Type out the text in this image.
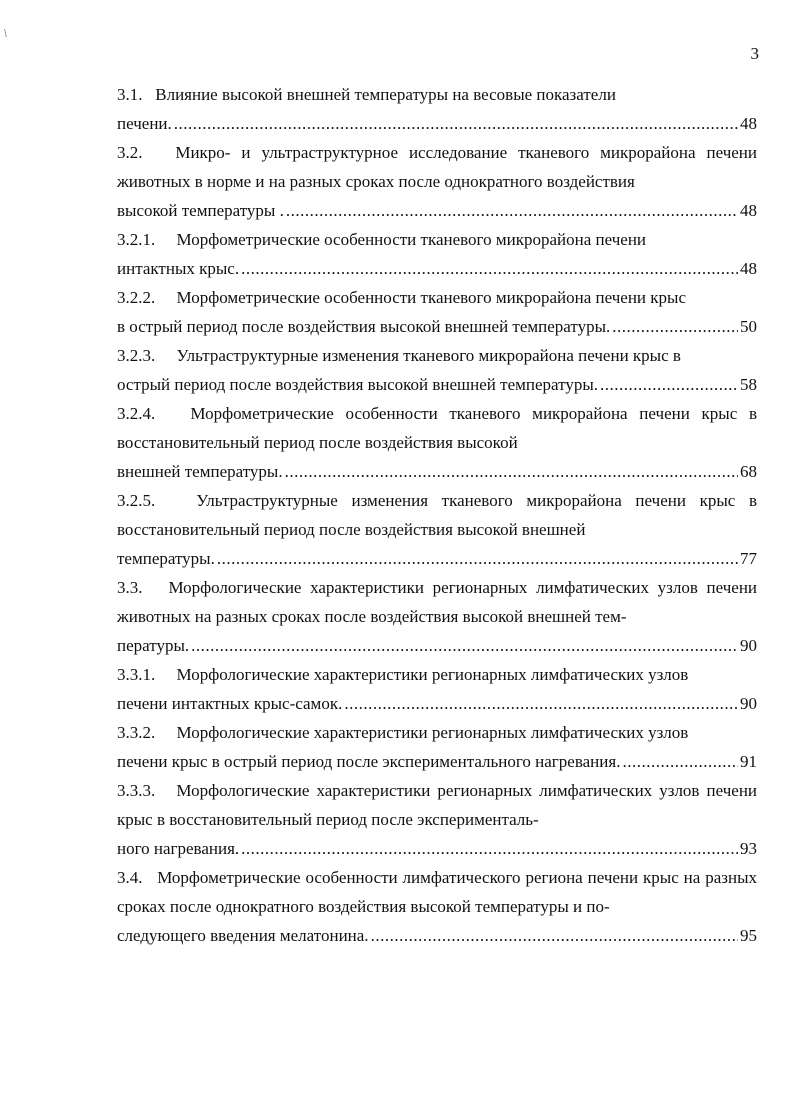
/
3
3.1. Влияние высокой внешней температуры на весовые показатели
печени. .....	48
3.2. Микро- и ультраструктурное исследование тканевого микрорайона печени животных в норме и на разных сроках после однократного воздействия
высокой температуры . .....	48
3.2.1. Морфометрические особенности тканевого микрорайона печени
интактных крыс. .....	48
3.2.2. Морфометрические особенности тканевого микрорайона печени крыс
в острый период после воздействия высокой внешней температуры. .....	50
3.2.3. Ультраструктурные изменения тканевого микрорайона печени крыс в
острый период после воздействия высокой внешней температуры. .....	58
3.2.4. Морфометрические особенности тканевого микрорайона печени крыс в восстановительный период после воздействия высокой
внешней температуры. .....	68
3.2.5. Ультраструктурные изменения тканевого микрорайона печени крыс в восстановительный период после воздействия высокой внешней
температуры. .....	77
3.3. Морфологические характеристики регионарных лимфатических узлов печени животных на разных сроках после воздействия высокой внешней тем-
пературы. .....	90
3.3.1. Морфологические характеристики регионарных лимфатических узлов
печени интактных крыс-самок. .....	90
3.3.2. Морфологические характеристики регионарных лимфатических узлов
печени крыс в острый период после экспериментального нагревания. .....	91
3.3.3. Морфологические характеристики регионарных лимфатических узлов печени крыс в восстановительный период после эксперименталь-
ного нагревания. .....	93
3.4. Морфометрические особенности лимфатического региона печени крыс на разных сроках после однократного воздействия высокой температуры и по-
следующего введения мелатонина. .....	95
